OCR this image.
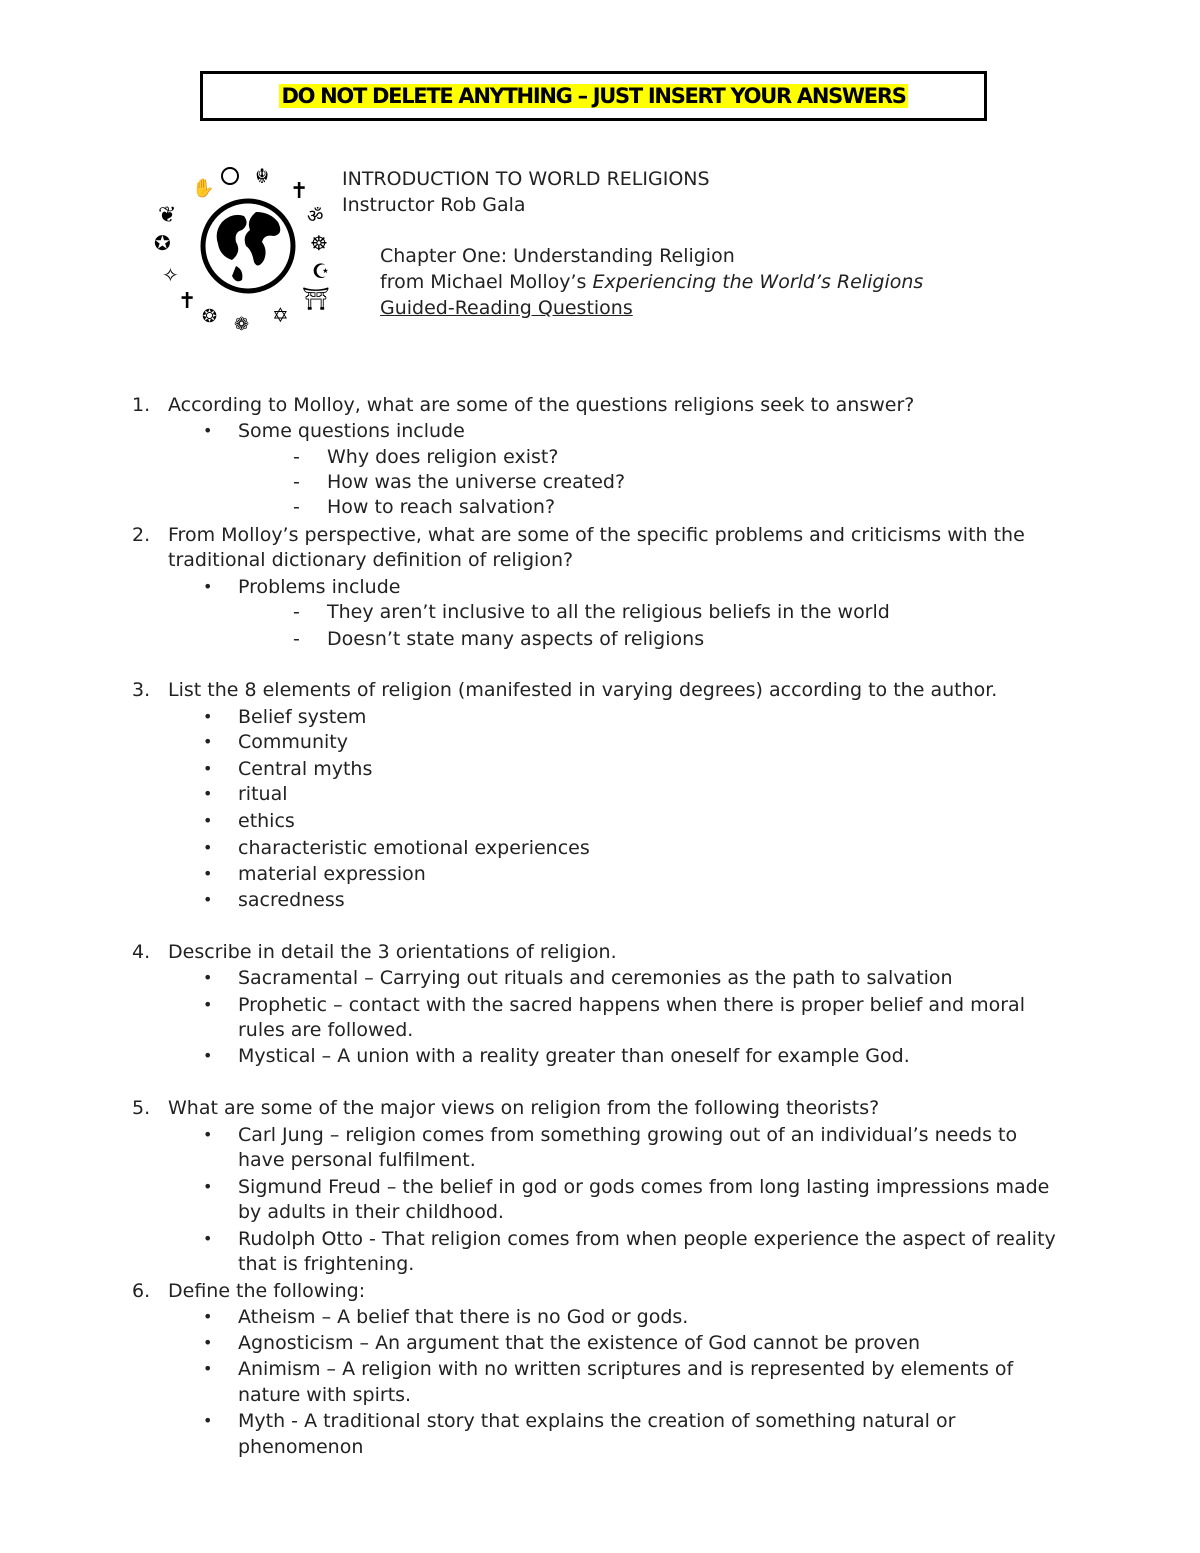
DO NOT DELETE ANYTHING – JUST INSERT YOUR ANSWERS
☬
✝
ॐ
☸
☪
⛩
✡
❁
❂
✝
✧
✪
❦
✋	INTRODUCTION TO WORLD RELIGIONS
Instructor Rob Gala
Chapter One: Understanding Religion
from Michael Molloy’s Experiencing the World’s Religions
Guided-Reading Questions
1. According to Molloy, what are some of the questions religions seek to answer?
• Some questions include
- Why does religion exist?
- How was the universe created?
- How to reach salvation?
2. From Molloy’s perspective, what are some of the specific problems and criticisms with the
traditional dictionary definition of religion?
• Problems include
- They aren’t inclusive to all the religious beliefs in the world
- Doesn’t state many aspects of religions
3. List the 8 elements of religion (manifested in varying degrees) according to the author.
• Belief system
• Community
• Central myths
• ritual
• ethics
• characteristic emotional experiences
• material expression
• sacredness
4. Describe in detail the 3 orientations of religion.
• Sacramental – Carrying out rituals and ceremonies as the path to salvation
• Prophetic – contact with the sacred happens when there is proper belief and moral
rules are followed.
• Mystical – A union with a reality greater than oneself for example God.
5. What are some of the major views on religion from the following theorists?
• Carl Jung – religion comes from something growing out of an individual’s needs to
have personal fulfilment.
• Sigmund Freud – the belief in god or gods comes from long lasting impressions made
by adults in their childhood.
• Rudolph Otto - That religion comes from when people experience the aspect of reality
that is frightening.
6. Define the following:
• Atheism – A belief that there is no God or gods.
• Agnosticism – An argument that the existence of God cannot be proven
• Animism – A religion with no written scriptures and is represented by elements of
nature with spirts.
• Myth - A traditional story that explains the creation of something natural or
phenomenon
